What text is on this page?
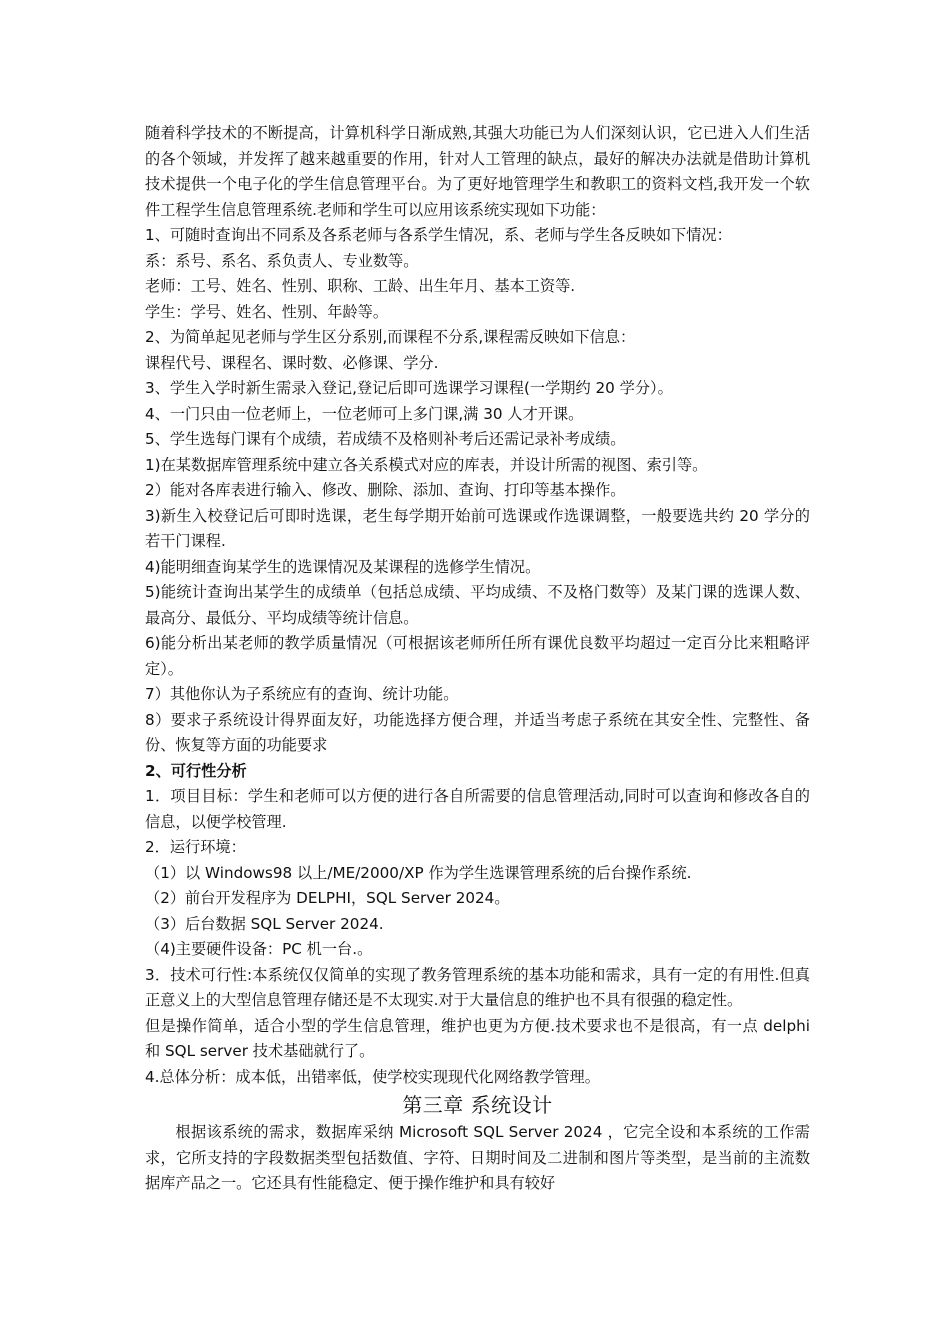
随着科学技术的不断提高，计算机科学日渐成熟,其强大功能已为人们深刻认识，它已进入人们生活的各个领域，并发挥了越来越重要的作用，针对人工管理的缺点，最好的解决办法就是借助计算机技术提供一个电子化的学生信息管理平台。为了更好地管理学生和教职工的资料文档,我开发一个软件工程学生信息管理系统.老师和学生可以应用该系统实现如下功能：

1、可随时查询出不同系及各系老师与各系学生情况，系、老师与学生各反映如下情况：

系：系号、系名、系负责人、专业数等。

老师：工号、姓名、性别、职称、工龄、出生年月、基本工资等.

学生：学号、姓名、性别、年龄等。

2、为简单起见老师与学生区分系别,而课程不分系,课程需反映如下信息：

课程代号、课程名、课时数、必修课、学分.

3、学生入学时新生需录入登记,登记后即可选课学习课程(一学期约 20 学分）。

4、一门只由一位老师上，一位老师可上多门课,满 30 人才开课。

5、学生选每门课有个成绩，若成绩不及格则补考后还需记录补考成绩。

1)在某数据库管理系统中建立各关系模式对应的库表，并设计所需的视图、索引等。

2）能对各库表进行输入、修改、删除、添加、查询、打印等基本操作。

3)新生入校登记后可即时选课，老生每学期开始前可选课或作选课调整，一般要选共约 20 学分的若干门课程.

4)能明细查询某学生的选课情况及某课程的选修学生情况。

5)能统计查询出某学生的成绩单（包括总成绩、平均成绩、不及格门数等）及某门课的选课人数、最高分、最低分、平均成绩等统计信息。

6)能分析出某老师的教学质量情况（可根据该老师所任所有课优良数平均超过一定百分比来粗略评定）。

7）其他你认为子系统应有的查询、统计功能。

8）要求子系统设计得界面友好，功能选择方便合理，并适当考虑子系统在其安全性、完整性、备份、恢复等方面的功能要求

2、可行性分析

1．项目目标：学生和老师可以方便的进行各自所需要的信息管理活动,同时可以查询和修改各自的信息，以便学校管理.

2．运行环境：

（1）以 Windows98 以上/ME/2000/XP 作为学生选课管理系统的后台操作系统.

（2）前台开发程序为 DELPHI，SQL Server 2024。

（3）后台数据 SQL Server 2024.

（4)主要硬件设备：PC 机一台.。

3．技术可行性:本系统仅仅简单的实现了教务管理系统的基本功能和需求，具有一定的有用性.但真正意义上的大型信息管理存储还是不太现实.对于大量信息的维护也不具有很强的稳定性。

但是操作简单，适合小型的学生信息管理，维护也更为方便.技术要求也不是很高，有一点 delphi 和 SQL server 技术基础就行了。

4.总体分析：成本低，出错率低，使学校实现现代化网络教学管理。

第三章 系统设计

根据该系统的需求，数据库采纳 Microsoft SQL Server 2024 ，它完全设和本系统的工作需求，它所支持的字段数据类型包括数值、字符、日期时间及二进制和图片等类型，是当前的主流数据库产品之一。它还具有性能稳定、便于操作维护和具有较好
